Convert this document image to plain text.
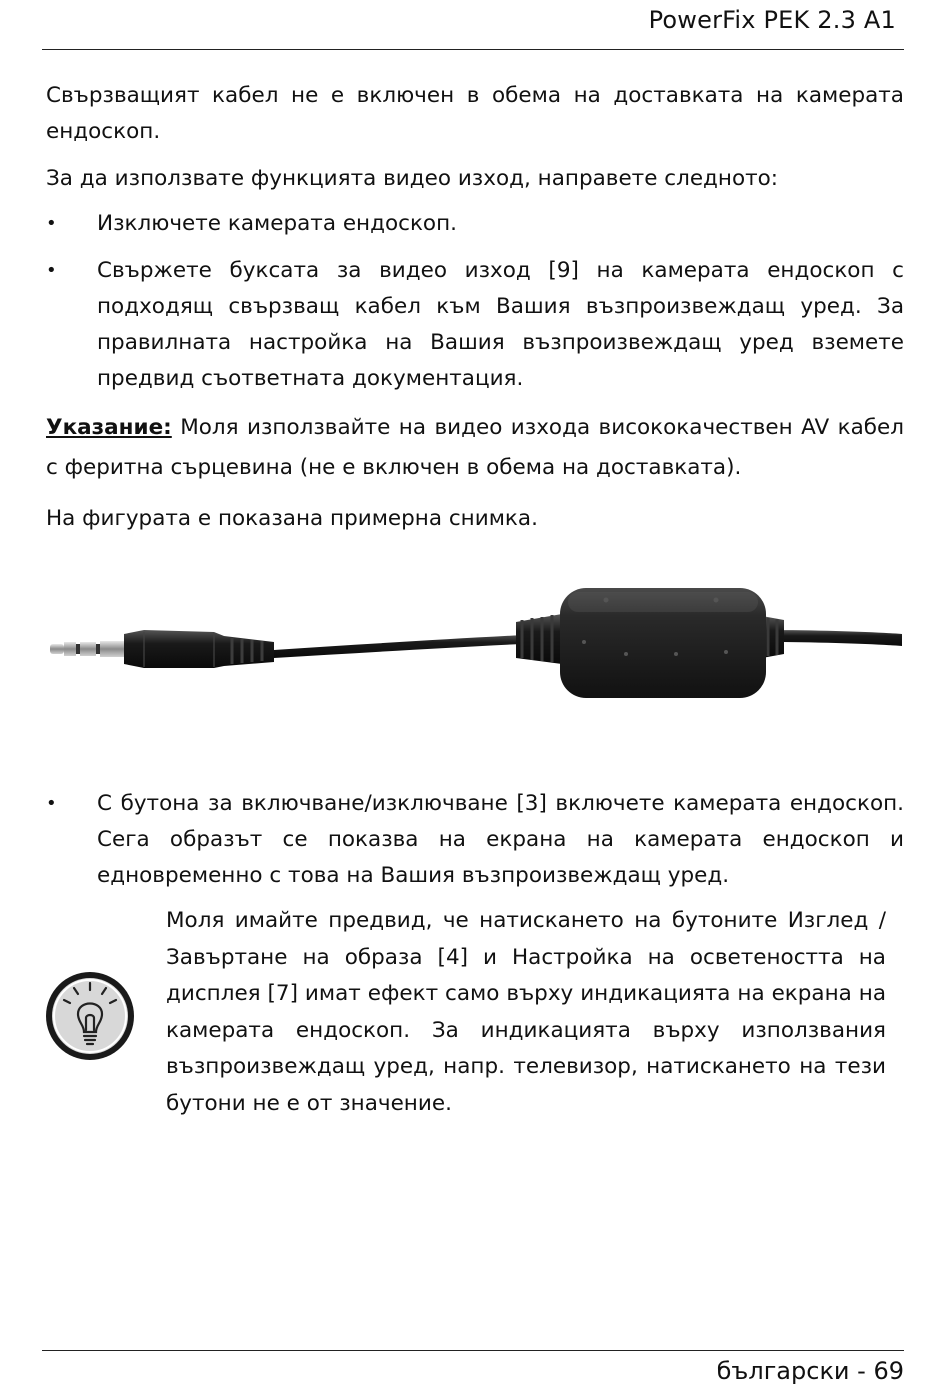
PowerFix PEK 2.3 A1

Свързващият кабел не е включен в обема на доставката на камерата ендоскоп.

За да използвате функцията видео изход, направете следното:

•	Изключете камерата ендоскоп.
•	Свържете буксата за видео изход [9] на камерата ендоскоп с подходящ свързващ кабел към Вашия възпроизвеждащ уред. За правилната настройка на Вашия възпроизвеждащ уред вземете предвид съответната документация.

Указание: Моля използвайте на видео изхода висококачествен AV кабел с феритна сърцевина (не е включен в обема на доставката).

На фигурата е показана примерна снимка.

•	С бутона за включване/изключване [3] включете камерата ендоскоп. Сега образът се показва на екрана на камерата ендоскоп и едновременно с това на Вашия възпроизвеждащ уред.
Моля имайте предвид, че натискането на бутоните Изглед / Завъртане на образа [4] и Настройка на осветеността на дисплея [7] имат ефект само върху индикацията на екрана на камерата ендоскоп. За индикацията върху използвания възпроизвеждащ уред, напр. телевизор, натискането на тези бутони не е от значение.
български - 69
